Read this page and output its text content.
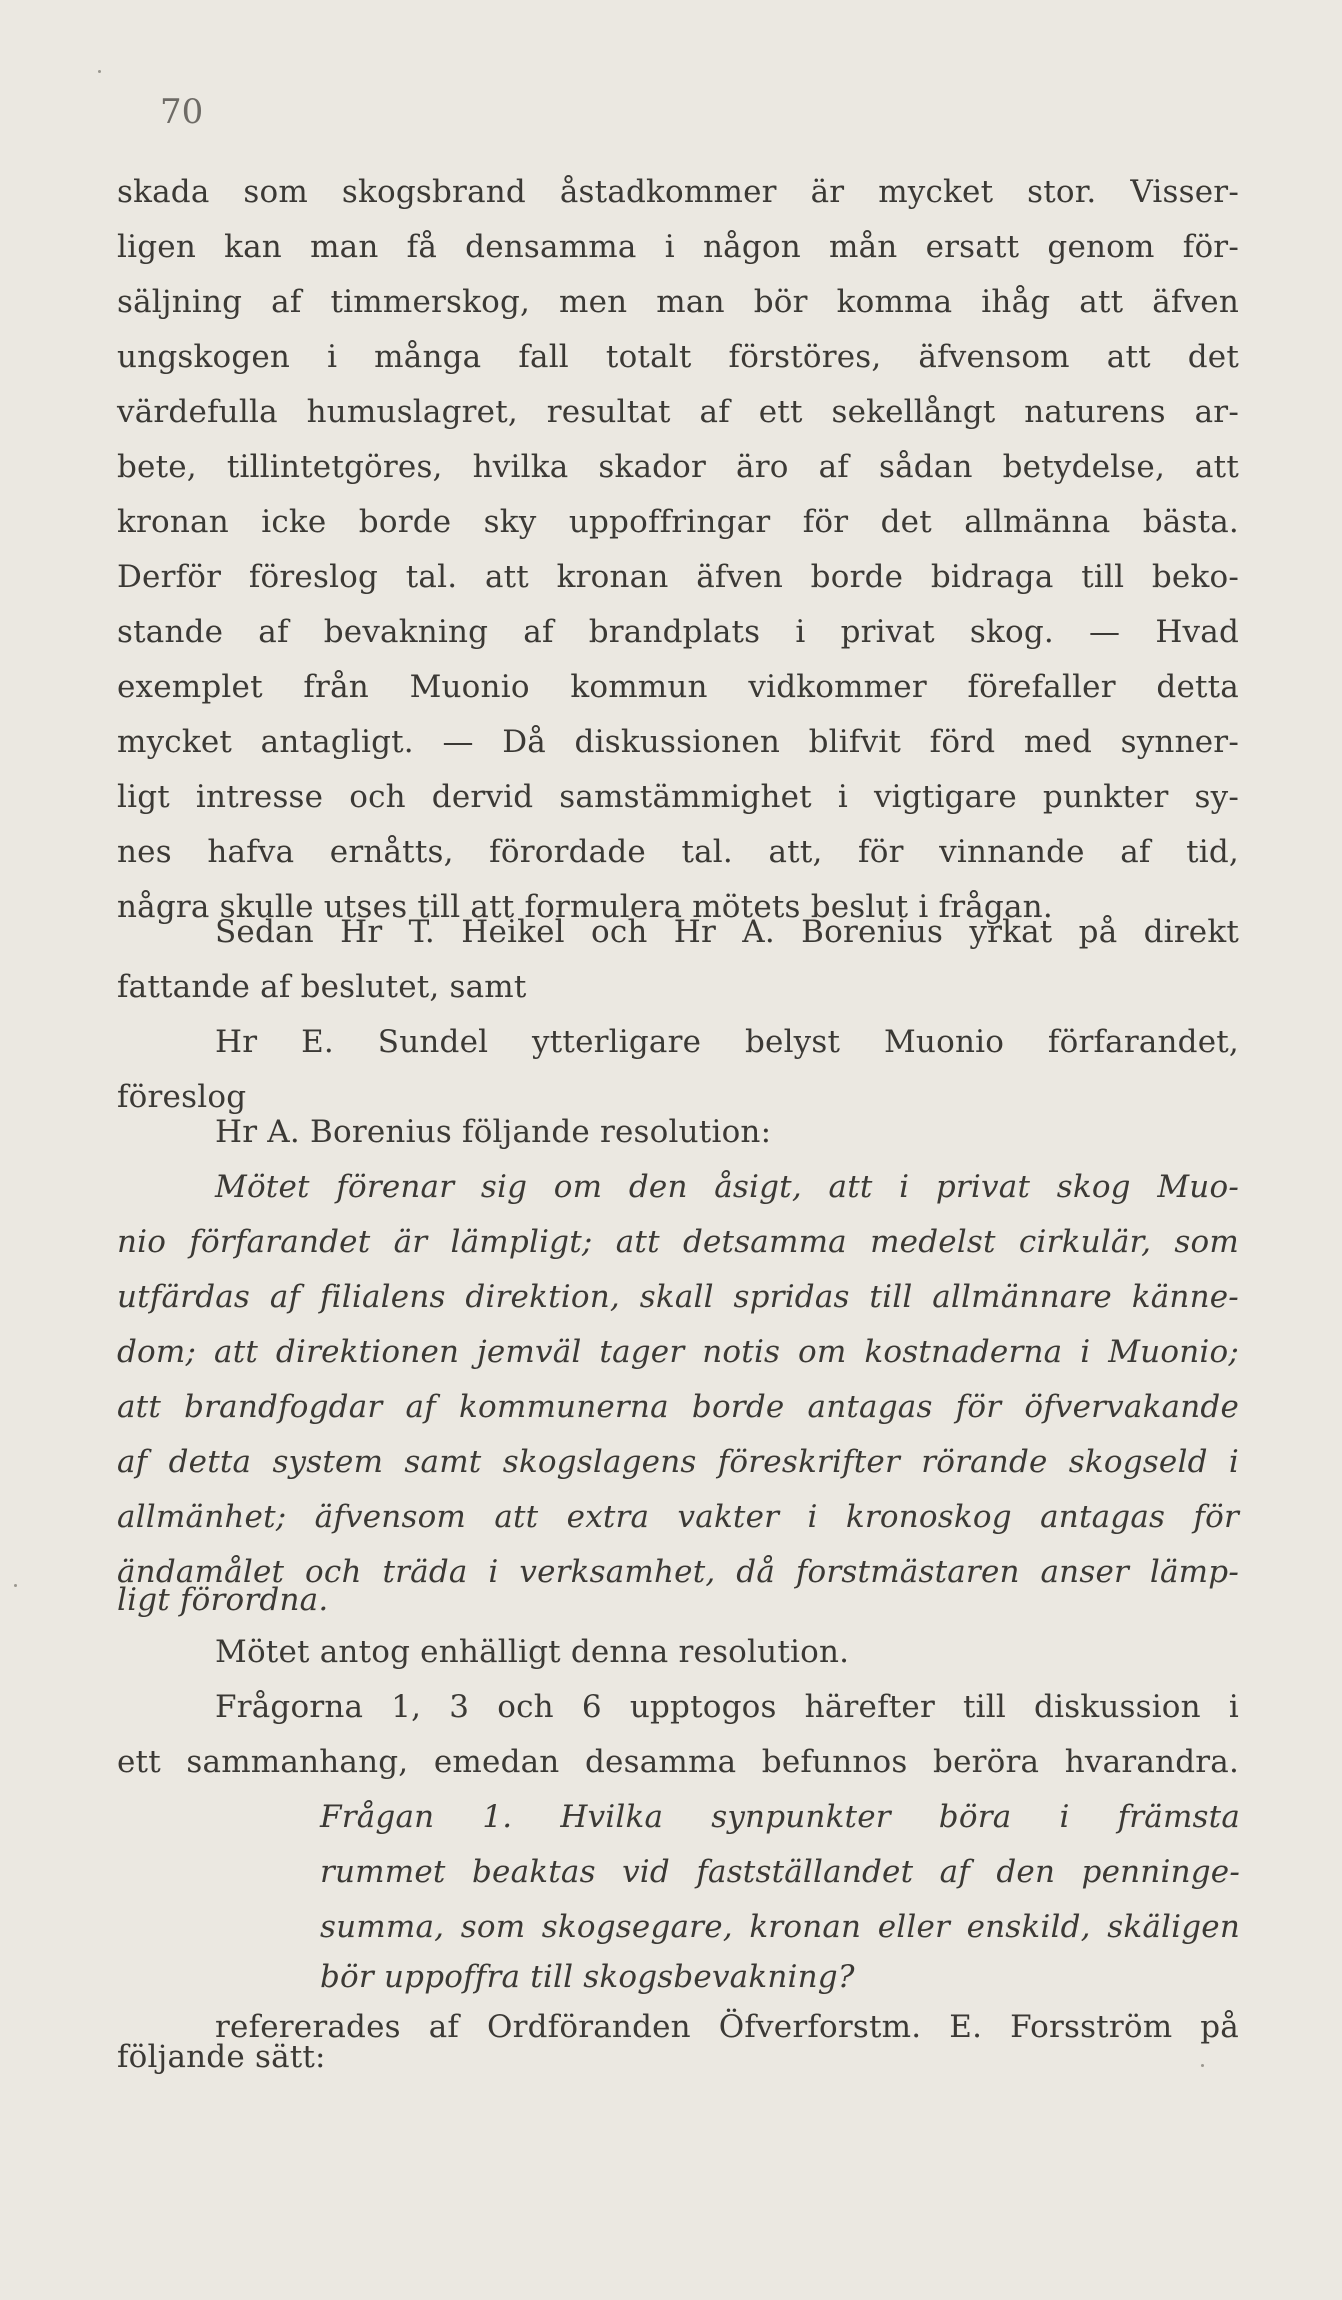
70
skada som skogsbrand åstadkommer är mycket stor. Visser-
ligen kan man få densamma i någon mån ersatt genom för-
säljning af timmerskog, men man bör komma ihåg att äfven
ungskogen i många fall totalt förstöres, äfvensom att det
värdefulla humuslagret, resultat af ett sekellångt naturens ar-
bete, tillintetgöres, hvilka skador äro af sådan betydelse, att
kronan icke borde sky uppoffringar för det allmänna bästa.
Derför föreslog tal. att kronan äfven borde bidraga till beko-
stande af bevakning af brandplats i privat skog. — Hvad
exemplet från Muonio kommun vidkommer förefaller detta
mycket antagligt. — Då diskussionen blifvit förd med synner-
ligt intresse och dervid samstämmighet i vigtigare punkter sy-
nes hafva ernåtts, förordade tal. att, för vinnande af tid,
några skulle utses till att formulera mötets beslut i frågan.
Sedan Hr T. Heikel och Hr A. Borenius yrkat på direkt
fattande af beslutet, samt
Hr E. Sundel ytterligare belyst Muonio förfarandet,
föreslog
Hr A. Borenius följande resolution:
Mötet förenar sig om den åsigt, att i privat skog Muo-
nio förfarandet är lämpligt; att detsamma medelst cirkulär, som
utfärdas af filialens direktion, skall spridas till allmännare känne-
dom; att direktionen jemväl tager notis om kostnaderna i Muonio;
att brandfogdar af kommunerna borde antagas för öfvervakande
af detta system samt skogslagens föreskrifter rörande skogseld i
allmänhet; äfvensom att extra vakter i kronoskog antagas för
ändamålet och träda i verksamhet, då forstmästaren anser lämp-
ligt förordna.
Mötet antog enhälligt denna resolution.
Frågorna 1, 3 och 6 upptogos härefter till diskussion i
ett sammanhang, emedan desamma befunnos beröra hvarandra.
Frågan 1. Hvilka synpunkter böra i främsta
rummet beaktas vid fastställandet af den penninge-
summa, som skogsegare, kronan eller enskild, skäligen
bör uppoffra till skogsbevakning?
refererades af Ordföranden Öfverforstm. E. Forsström på
följande sätt:
